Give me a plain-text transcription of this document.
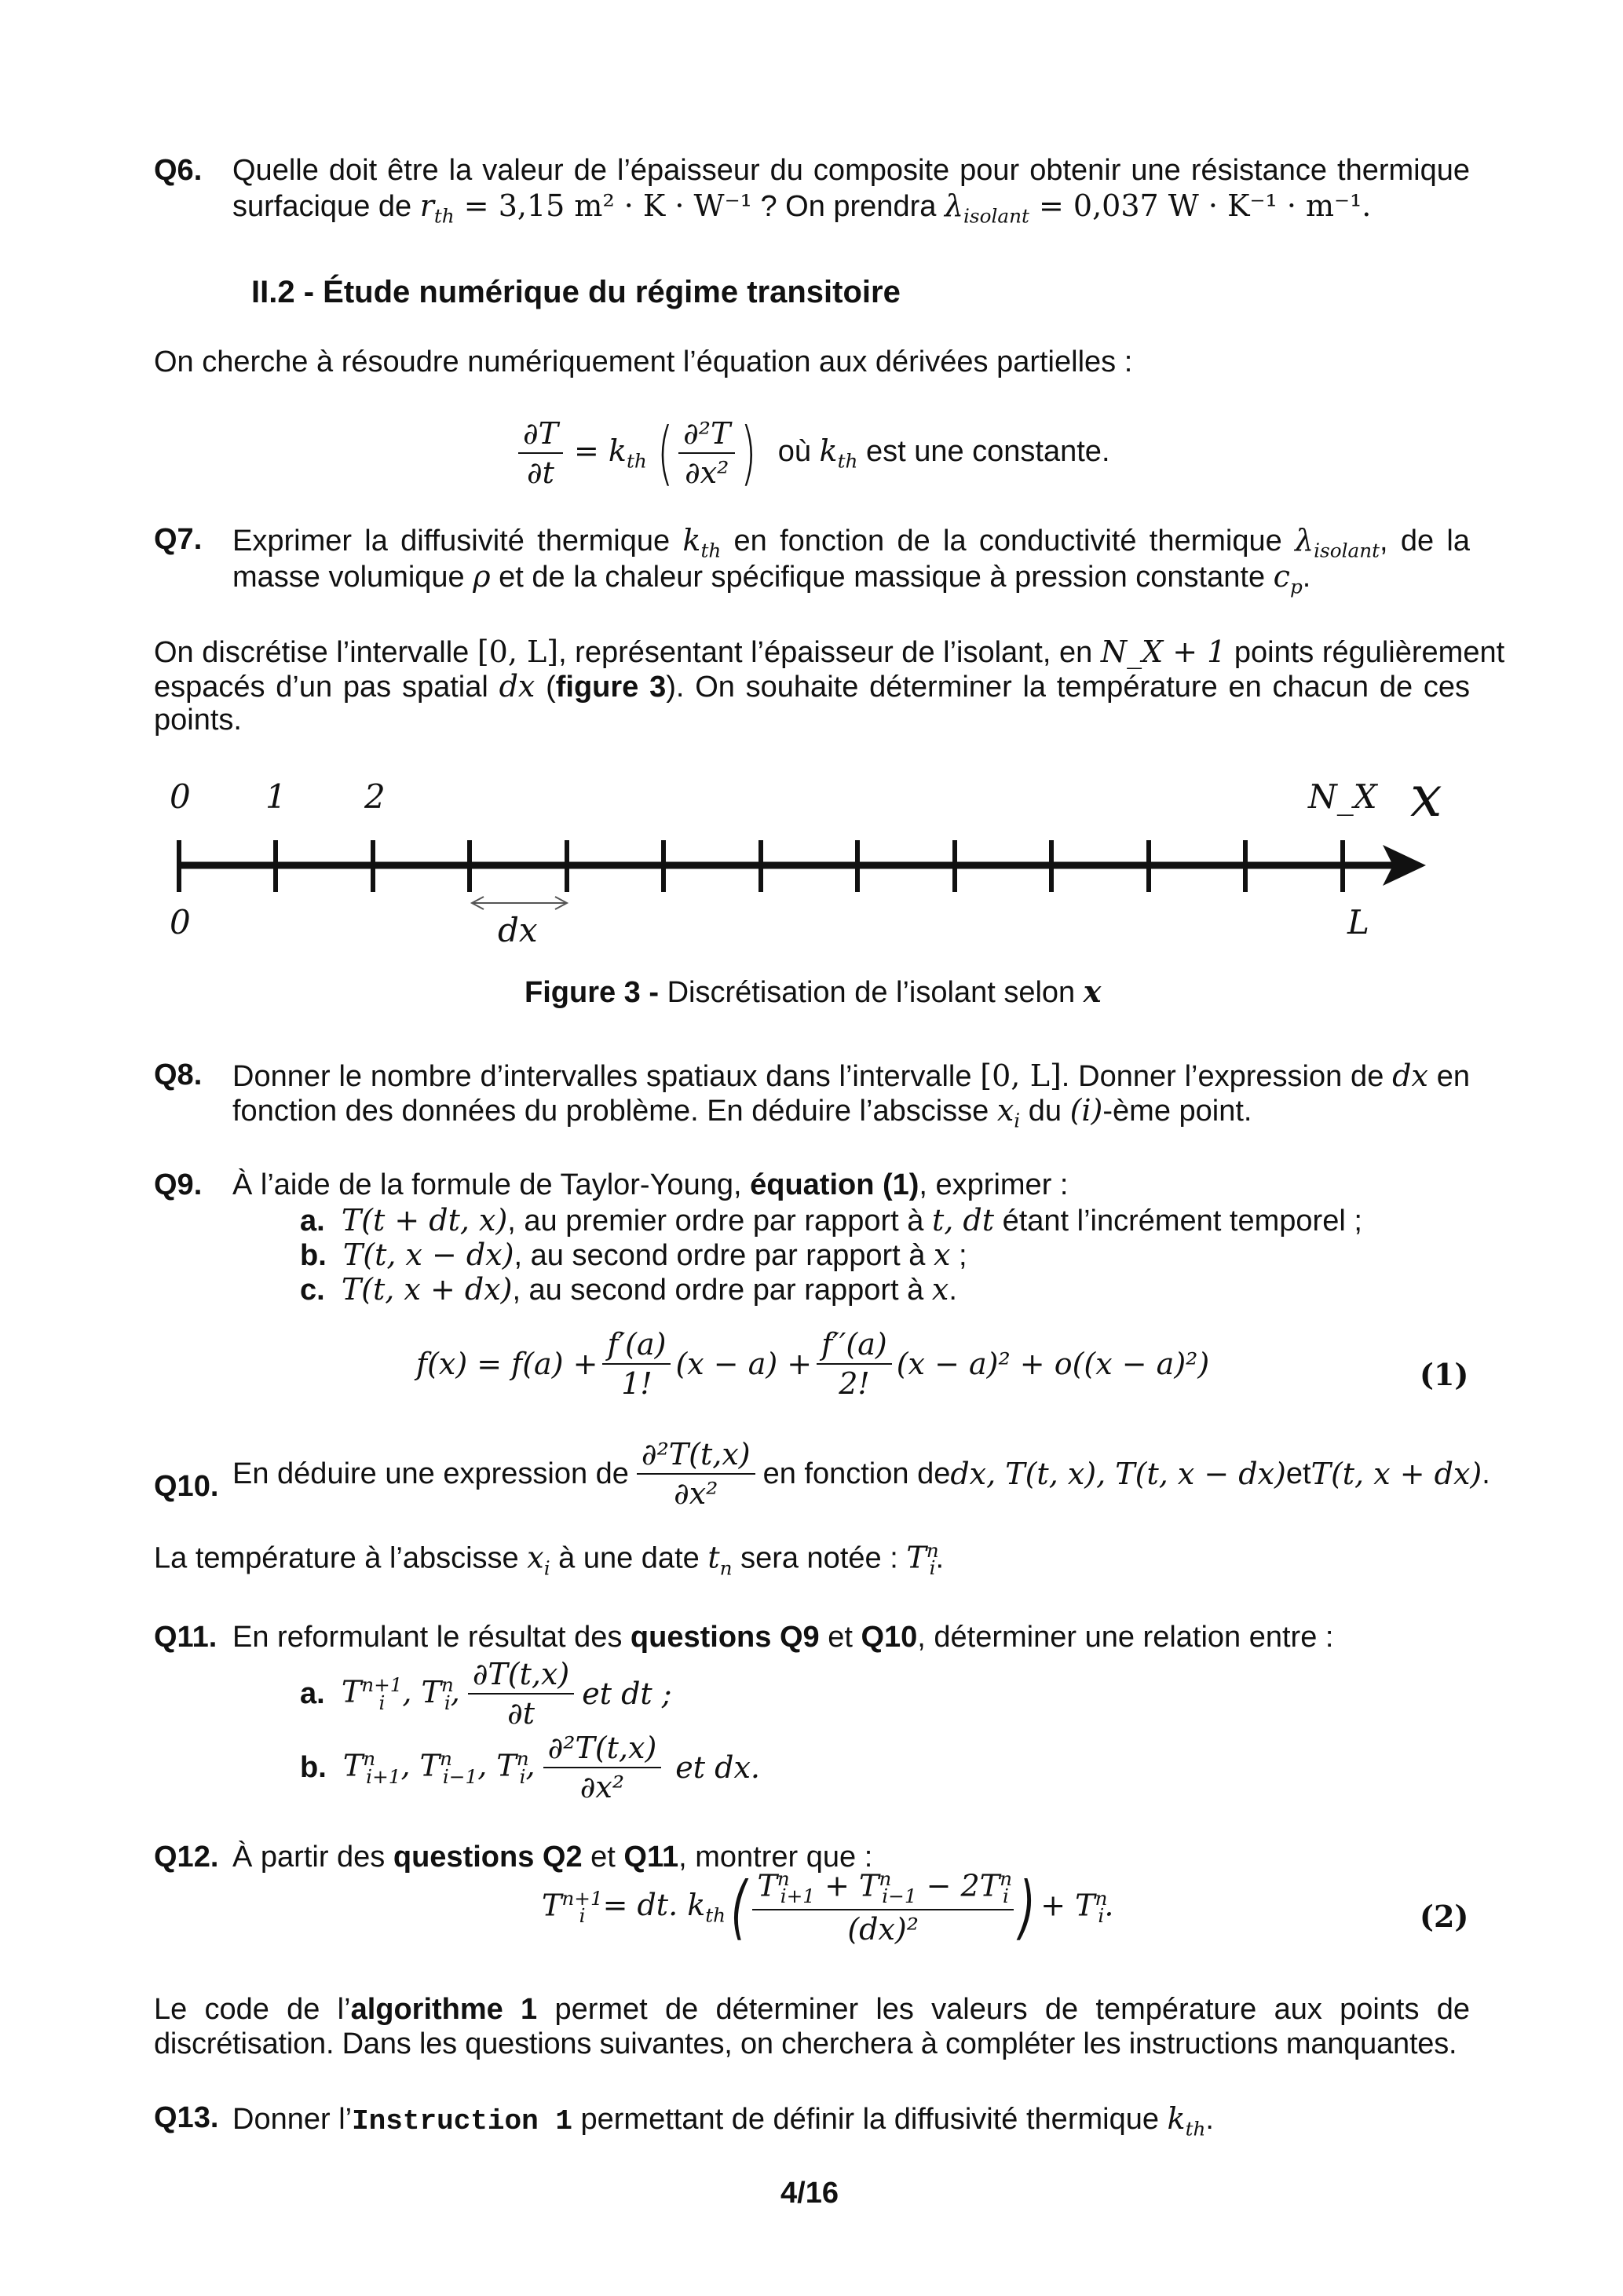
Q6. Quelle doit être la valeur de l’épaisseur du composite pour obtenir une résistance thermique
surfacique de $r_{th} = 3,15$ m² · K · W⁻¹ ? On prendra $\lambda_{isolant} = 0,037$ W · K⁻¹ · m⁻¹.
II.2 - Étude numérique du régime transitoire
On cherche à résoudre numériquement l’équation aux dérivées partielles :
$\frac{\partial T}{\partial t} = k_{th}$ ( $\frac{\text{∂²T}}{\text{∂x²}}$ ) où $k_{th}$ est une constante.
Q7. Exprimer la diffusivité thermique $k_{th}$ en fonction de la conductivité thermique $\lambda_{isolant}$, de la
masse volumique ρ et de la chaleur spécifique massique à pression constante $c_p$.
On discrétise l’intervalle [0, L], représentant l’épaisseur de l’isolant, en N_X + 1 points régulièrement
espacés d’un pas spatial dx (figure 3). On souhaite déterminer la température en chacun de ces
points.
0 1 2	N_X x
0	dx	L
Figure 3 - Discrétisation de l’isolant selon x
Q8. Donner le nombre d’intervalles spatiaux dans l’intervalle [0, L]. Donner l’expression de dx en
fonction des données du problème. En déduire l’abscisse $x_i$ du (i)-ème point.
Q9. À l’aide de la formule de Taylor-Young, équation (1), exprimer :
a. T(t + dt, x), au premier ordre par rapport à t, dt étant l’incrément temporel ;
b. T(t, x − dx), au second ordre par rapport à x ;
c. T(t, x + dx), au second ordre par rapport à x.
$f(x) = f(a) + \frac{f'(a)}{1!} (x - a) + \frac{f''(a)}{2!} (x - a)^2 + o((x - a)^2)$	(1)
Q10. En déduire une expression de $\frac{\text{∂²T(t,x)}}{\text{∂x²}}$ en fonction de dx, T(t, x), T(t, x − dx) et T(t, x + dx) .
La température à l’abscisse $x_i$ à une date $t_n$ sera notée : $T^n_i$.
Q11. En reformulant le résultat des questions Q9 et Q10, déterminer une relation entre :
a.
$T^{n+1}_i$ , $T^n_i$, $\frac{\partial T(t,x)}{\partial t}$ et dt ;
b.
$T^n_{i+1}$, $T^n_{i-1}$, $T^n_i$, $\frac{\text{∂²T(t,x)}}{\text{∂x²}}$ et dx.
Q12. À partir des questions Q2 et Q11, montrer que :
$T^{n+1}_i$ = dt. $k_{th}$ ( $\frac{T^n_{i+1} + T^n_{i-1} - 2T^n_i}{\text{(dx)²}}$ ) + $T^n_i$.	(2)
Le code de l’algorithme 1 permet de déterminer les valeurs de température aux points de
discrétisation. Dans les questions suivantes, on cherchera à compléter les instructions manquantes.
Q13. Donner l’Instruction 1 permettant de définir la diffusivité thermique $k_{th}$.
4/16
